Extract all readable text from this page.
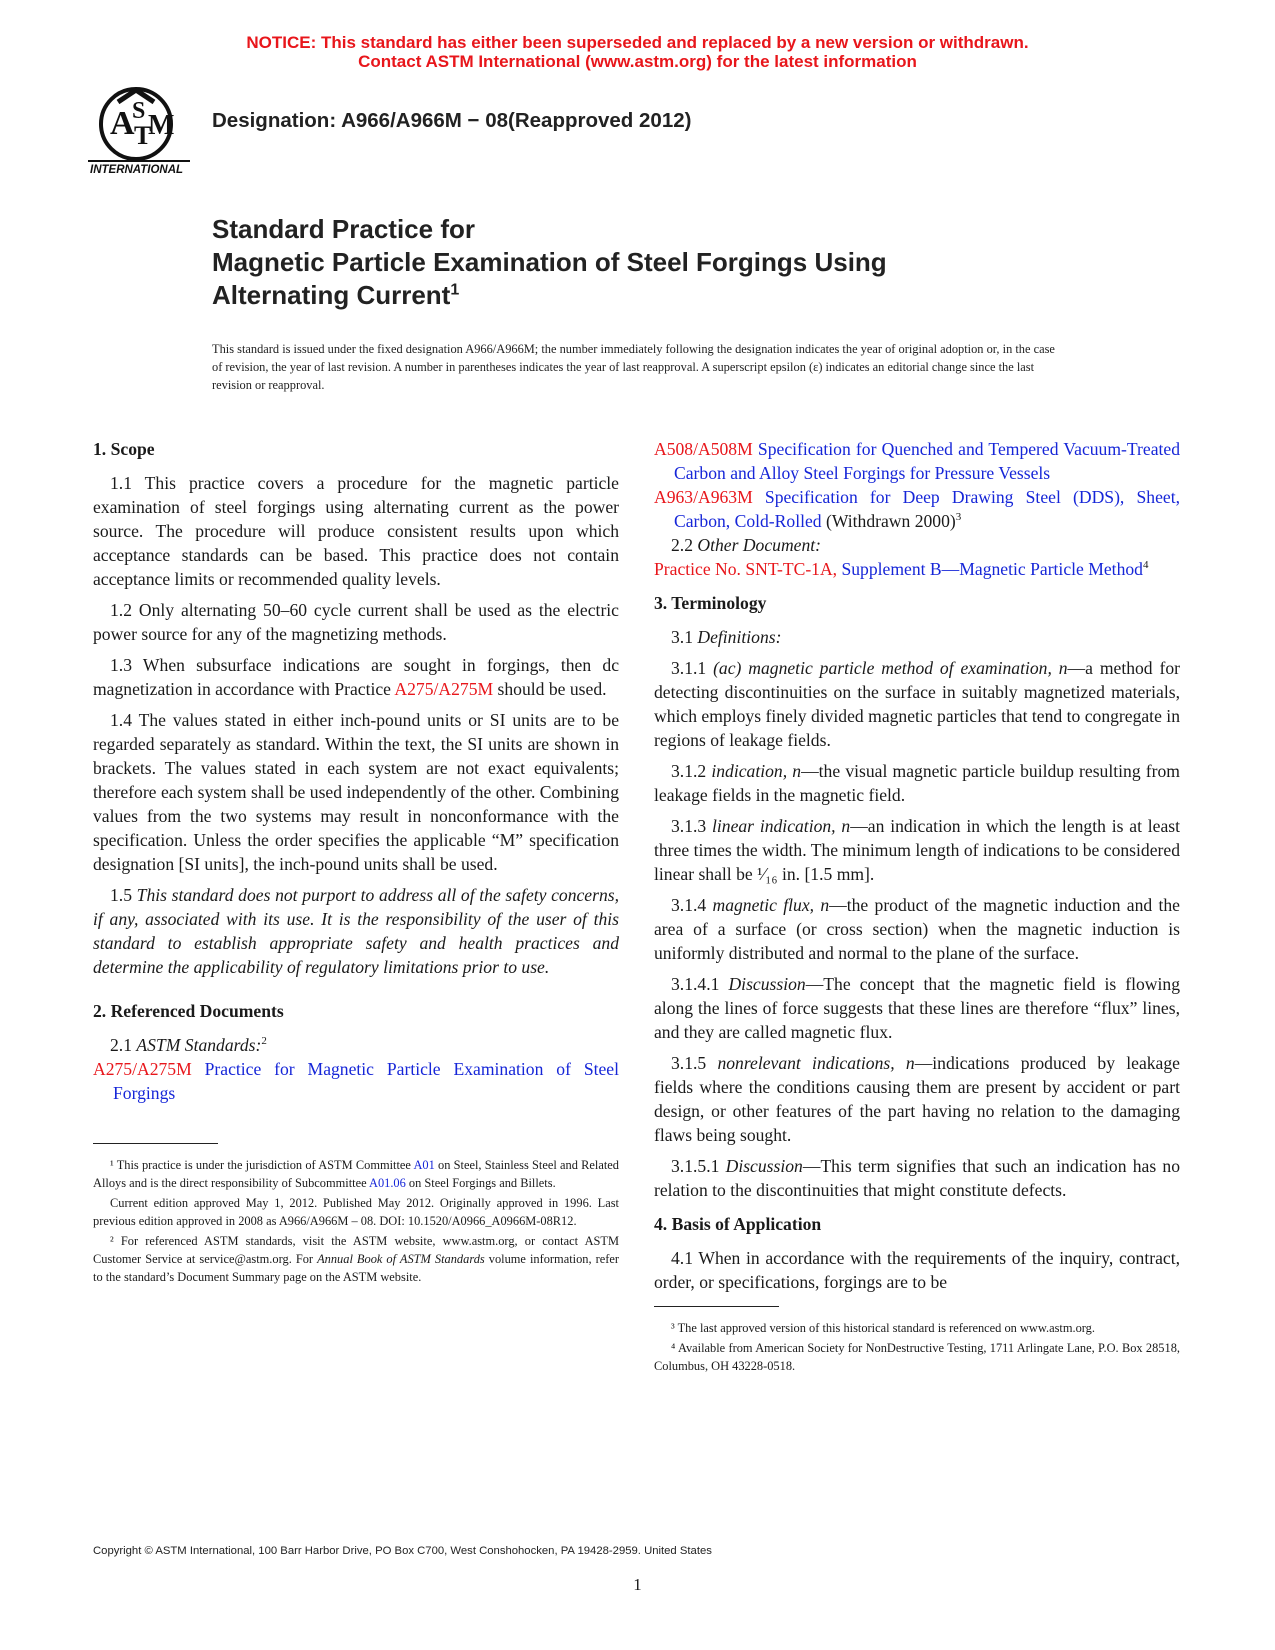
NOTICE: This standard has either been superseded and replaced by a new version or withdrawn.
Contact ASTM International (www.astm.org) for the latest information
A
S
T
M
INTERNATIONAL
Designation: A966/A966M − 08(Reapproved 2012)
Standard Practice for
Magnetic Particle Examination of Steel Forgings Using
Alternating Current$^1$
This standard is issued under the fixed designation A966/A966M; the number immediately following the designation indicates the year of original adoption or, in the case of revision, the year of last revision. A number in parentheses indicates the year of last reapproval. A superscript epsilon (ε) indicates an editorial change since the last revision or reapproval.
1. Scope

1.1 This practice covers a procedure for the magnetic particle examination of steel forgings using alternating current as the power source. The procedure will produce consistent results upon which acceptance standards can be based. This practice does not contain acceptance limits or recommended quality levels.

1.2 Only alternating 50–60 cycle current shall be used as the electric power source for any of the magnetizing methods.

1.3 When subsurface indications are sought in forgings, then dc magnetization in accordance with Practice A275/A275M should be used.

1.4 The values stated in either inch-pound units or SI units are to be regarded separately as standard. Within the text, the SI units are shown in brackets. The values stated in each system are not exact equivalents; therefore each system shall be used independently of the other. Combining values from the two systems may result in nonconformance with the specification. Unless the order specifies the applicable “M” specification designation [SI units], the inch-pound units shall be used.

1.5 This standard does not purport to address all of the safety concerns, if any, associated with its use. It is the responsibility of the user of this standard to establish appropriate safety and health practices and determine the applicability of regulatory limitations prior to use.

2. Referenced Documents

2.1 ASTM Standards:$^2$

A275/A275M Practice for Magnetic Particle Examination of Steel Forgings

¹ This practice is under the jurisdiction of ASTM Committee A01 on Steel, Stainless Steel and Related Alloys and is the direct responsibility of Subcommittee A01.06 on Steel Forgings and Billets.

Current edition approved May 1, 2012. Published May 2012. Originally approved in 1996. Last previous edition approved in 2008 as A966/A966M – 08. DOI: 10.1520/A0966_A0966M-08R12.

² For referenced ASTM standards, visit the ASTM website, www.astm.org, or contact ASTM Customer Service at service@astm.org. For Annual Book of ASTM Standards volume information, refer to the standard’s Document Summary page on the ASTM website.

A508/A508M Specification for Quenched and Tempered Vacuum-Treated Carbon and Alloy Steel Forgings for Pressure Vessels
A963/A963M Specification for Deep Drawing Steel (DDS), Sheet, Carbon, Cold-Rolled (Withdrawn 2000)$^3$

2.2 Other Document:

Practice No. SNT-TC-1A, Supplement B—Magnetic Particle Method$^4$
3. Terminology

3.1 Definitions:

3.1.1 (ac) magnetic particle method of examination, n—a method for detecting discontinuities on the surface in suitably magnetized materials, which employs finely divided magnetic particles that tend to congregate in regions of leakage fields.

3.1.2 indication, n—the visual magnetic particle buildup resulting from leakage fields in the magnetic field.

3.1.3 linear indication, n—an indication in which the length is at least three times the width. The minimum length of indications to be considered linear shall be ¹⁄₁₆ in. [1.5 mm].

3.1.4 magnetic flux, n—the product of the magnetic induction and the area of a surface (or cross section) when the magnetic induction is uniformly distributed and normal to the plane of the surface.

3.1.4.1 Discussion—The concept that the magnetic field is flowing along the lines of force suggests that these lines are therefore “flux” lines, and they are called magnetic flux.

3.1.5 nonrelevant indications, n—indications produced by leakage fields where the conditions causing them are present by accident or part design, or other features of the part having no relation to the damaging flaws being sought.

3.1.5.1 Discussion—This term signifies that such an indication has no relation to the discontinuities that might constitute defects.

4. Basis of Application

4.1 When in accordance with the requirements of the inquiry, contract, order, or specifications, forgings are to be

³ The last approved version of this historical standard is referenced on www.astm.org.

⁴ Available from American Society for NonDestructive Testing, 1711 Arlingate Lane, P.O. Box 28518, Columbus, OH 43228-0518.

Copyright © ASTM International, 100 Barr Harbor Drive, PO Box C700, West Conshohocken, PA 19428-2959. United States
1
